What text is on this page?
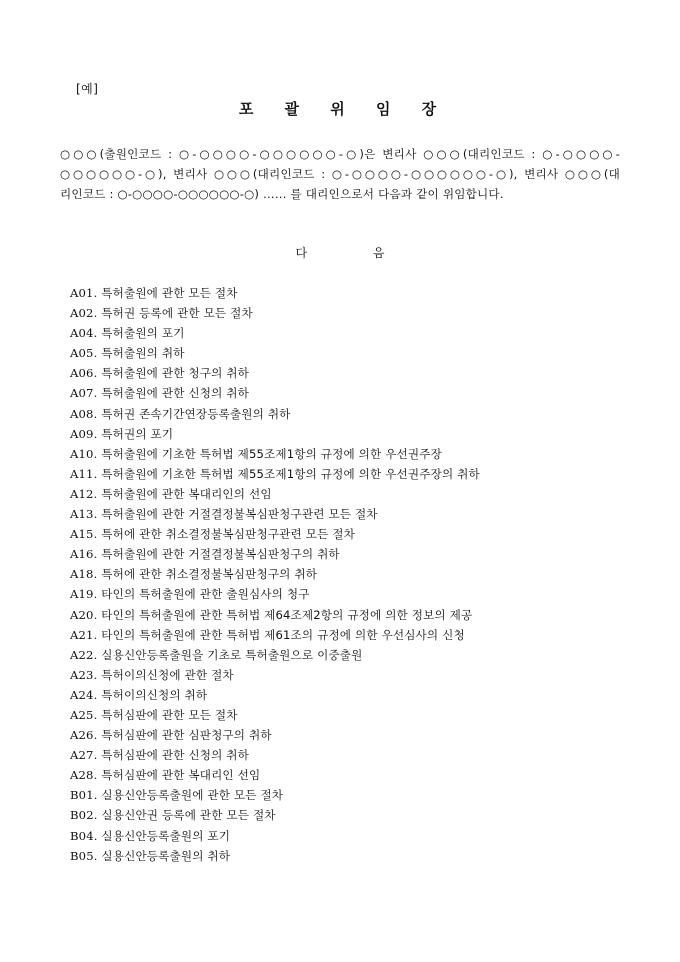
[예]
포 괄 위 임 장
○○○(출원인코드 : ○-○○○○-○○○○○○-○)은 변리사 ○○○(대리인코드 : ○-○○○○-
○○○○○○-○), 변리사 ○○○(대리인코드 : ○-○○○○-○○○○○○-○), 변리사 ○○○(대
리인코드 : ○-○○○○-○○○○○○-○) …… 를 대리인으로서 다음과 같이 위임합니다.
다	음
A01. 특허출원에 관한 모든 절차
A02. 특허권 등록에 관한 모든 절차
A04. 특허출원의 포기
A05. 특허출원의 취하
A06. 특허출원에 관한 청구의 취하
A07. 특허출원에 관한 신청의 취하
A08. 특허권 존속기간연장등록출원의 취하
A09. 특허권의 포기
A10. 특허출원에 기초한 특허법 제55조제1항의 규정에 의한 우선권주장
A11. 특허출원에 기초한 특허법 제55조제1항의 규정에 의한 우선권주장의 취하
A12. 특허출원에 관한 복대리인의 선임
A13. 특허출원에 관한 거절결정불복심판청구관련 모든 절차
A15. 특허에 관한 취소결정불복심판청구관련 모든 절차
A16. 특허출원에 관한 거절결정불복심판청구의 취하
A18. 특허에 관한 취소결정불복심판청구의 취하
A19. 타인의 특허출원에 관한 출원심사의 청구
A20. 타인의 특허출원에 관한 특허법 제64조제2항의 규정에 의한 정보의 제공
A21. 타인의 특허출원에 관한 특허법 제61조의 규정에 의한 우선심사의 신청
A22. 실용신안등록출원을 기초로 특허출원으로 이중출원
A23. 특허이의신청에 관한 절차
A24. 특허이의신청의 취하
A25. 특허심판에 관한 모든 절차
A26. 특허심판에 관한 심판청구의 취하
A27. 특허심판에 관한 신청의 취하
A28. 특허심판에 관한 복대리인 선임
B01. 실용신안등록출원에 관한 모든 절차
B02. 실용신안권 등록에 관한 모든 절차
B04. 실용신안등록출원의 포기
B05. 실용신안등록출원의 취하
